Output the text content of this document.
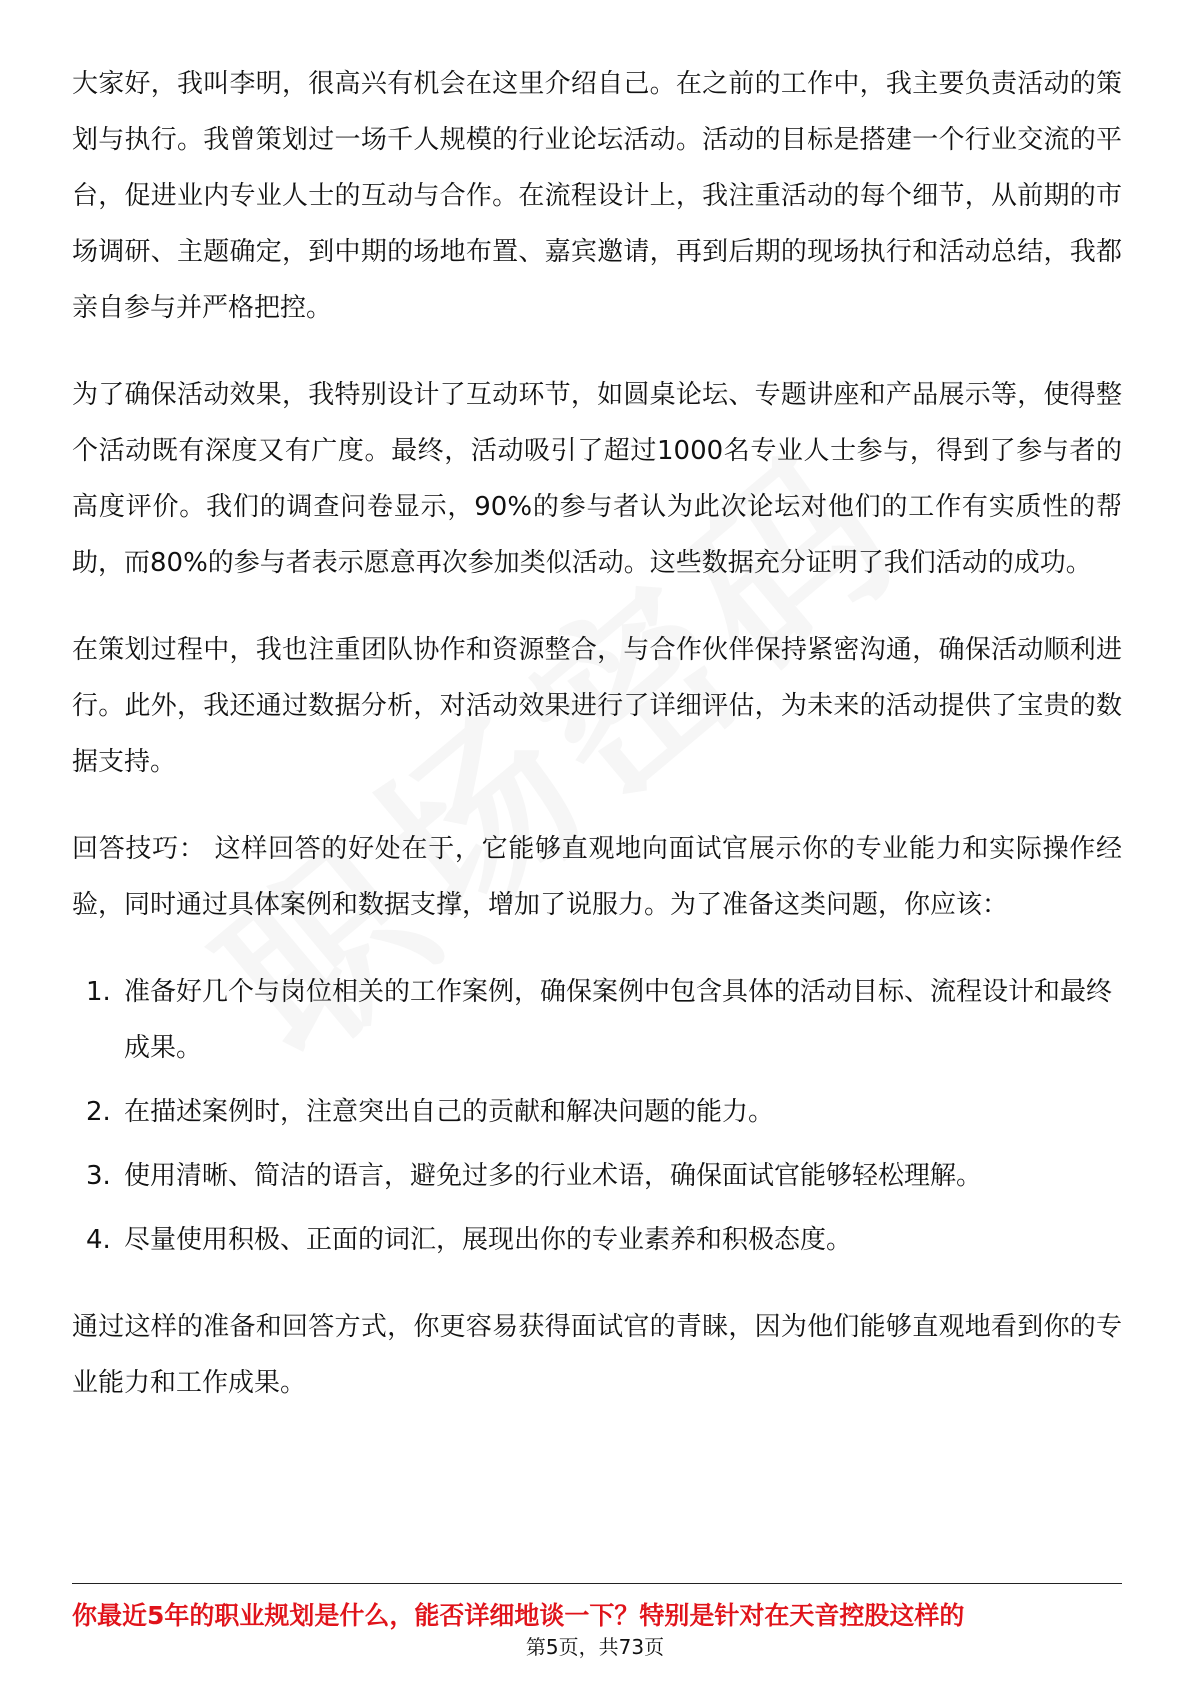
大家好，我叫李明，很高兴有机会在这里介绍自己。在之前的工作中，我主要负责活动的策划与执行。我曾策划过一场千人规模的行业论坛活动。活动的目标是搭建一个行业交流的平台，促进业内专业人士的互动与合作。在流程设计上，我注重活动的每个细节，从前期的市场调研、主题确定，到中期的场地布置、嘉宾邀请，再到后期的现场执行和活动总结，我都亲自参与并严格把控。

为了确保活动效果，我特别设计了互动环节，如圆桌论坛、专题讲座和产品展示等，使得整个活动既有深度又有广度。最终，活动吸引了超过1000名专业人士参与，得到了参与者的高度评价。我们的调查问卷显示，90%的参与者认为此次论坛对他们的工作有实质性的帮助，而80%的参与者表示愿意再次参加类似活动。这些数据充分证明了我们活动的成功。

在策划过程中，我也注重团队协作和资源整合，与合作伙伴保持紧密沟通，确保活动顺利进行。此外，我还通过数据分析，对活动效果进行了详细评估，为未来的活动提供了宝贵的数据支持。

回答技巧： 这样回答的好处在于，它能够直观地向面试官展示你的专业能力和实际操作经验，同时通过具体案例和数据支撑，增加了说服力。为了准备这类问题，你应该：

1. 准备好几个与岗位相关的工作案例，确保案例中包含具体的活动目标、流程设计和最终成果。
2. 在描述案例时，注意突出自己的贡献和解决问题的能力。
3. 使用清晰、简洁的语言，避免过多的行业术语，确保面试官能够轻松理解。
4. 尽量使用积极、正面的词汇，展现出你的专业素养和积极态度。

通过这样的准备和回答方式，你更容易获得面试官的青睐，因为他们能够直观地看到你的专业能力和工作成果。

你最近5年的职业规划是什么，能否详细地谈一下？特别是针对在天音控股这样的
第5页，共73页
